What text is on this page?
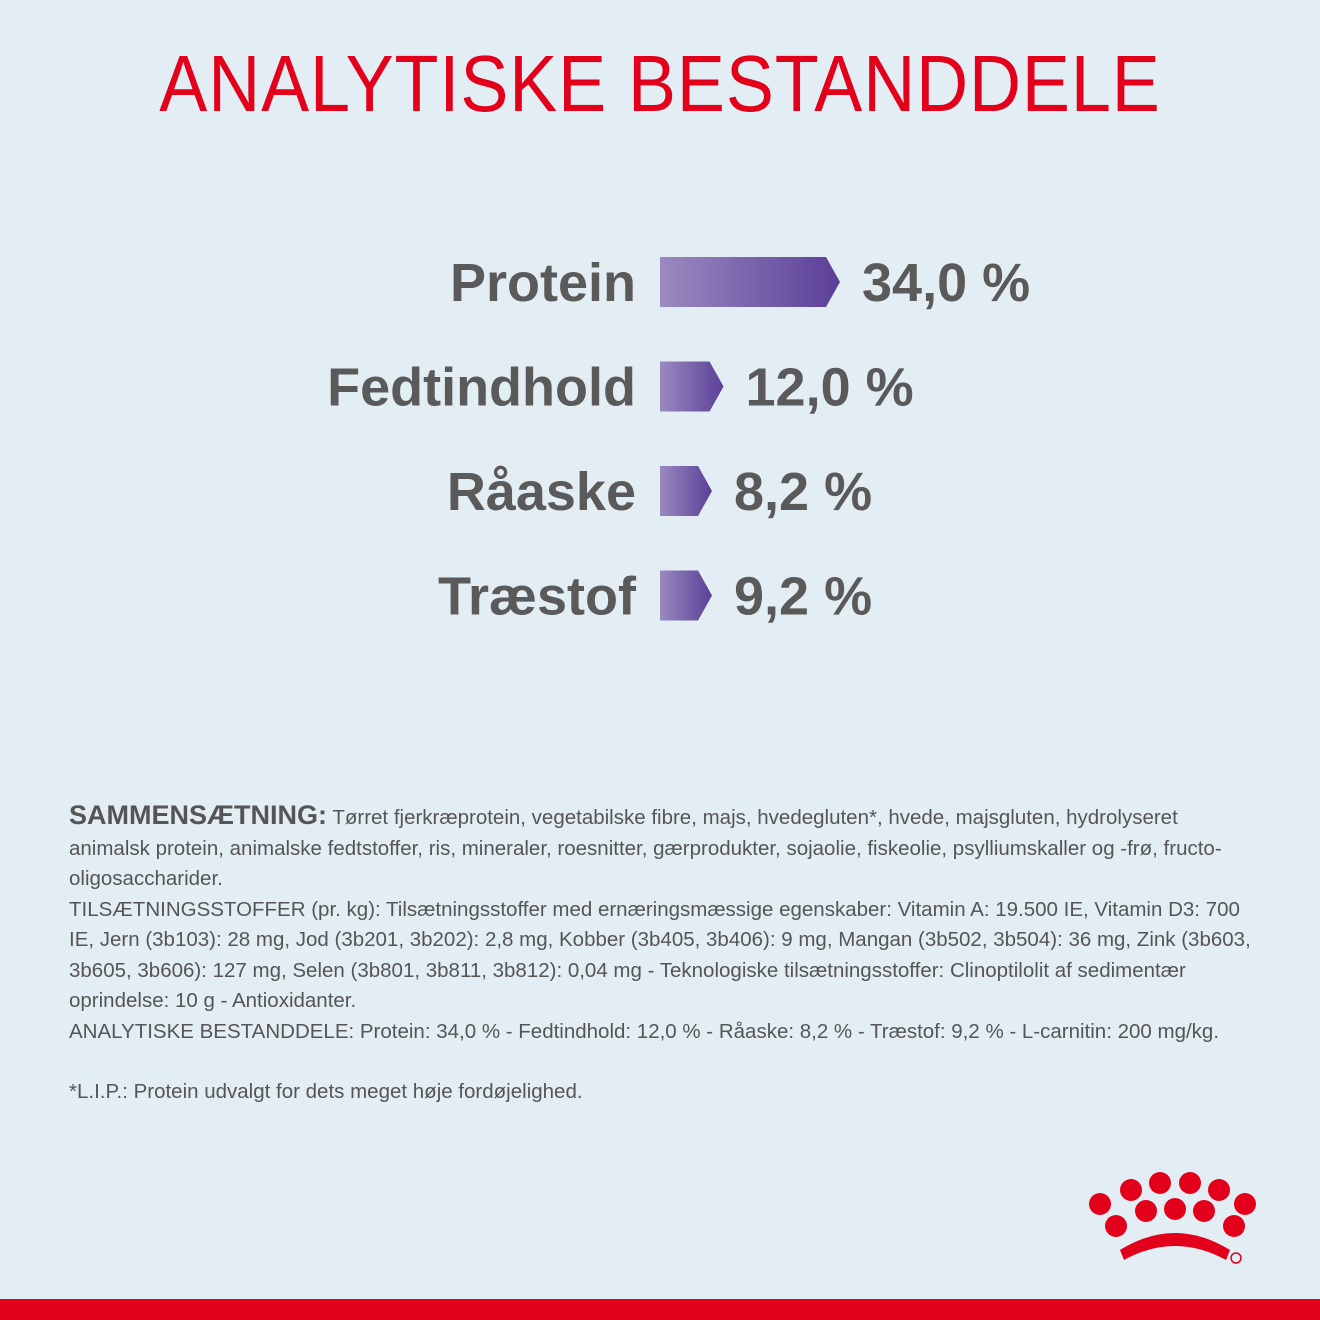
ANALYTISKE BESTANDDELE
Protein	34,0 %
Fedtindhold 12,0 %
Råaske 8,2 %
Træstof 9,2 %

SAMMENSÆTNING: Tørret fjerkræprotein, vegetabilske fibre, majs, hvedegluten*, hvede, majsgluten, hydrolyseret animalsk protein, animalske fedtstoffer, ris, mineraler, roesnitter, gærprodukter, sojaolie, fiskeolie, psylliumskaller og -frø, fructo-oligosaccharider.

TILSÆTNINGSSTOFFER (pr. kg): Tilsætningsstoffer med ernæringsmæssige egenskaber: Vitamin A: 19.500 IE, Vitamin D3: 700 IE, Jern (3b103): 28 mg, Jod (3b201, 3b202): 2,8 mg, Kobber (3b405, 3b406): 9 mg, Mangan (3b502, 3b504): 36 mg, Zink (3b603, 3b605, 3b606): 127 mg, Selen (3b801, 3b811, 3b812): 0,04 mg - Teknologiske tilsætningsstoffer: Clinoptilolit af sedimentær oprindelse: 10 g - Antioxidanter.

ANALYTISKE BESTANDDELE: Protein: 34,0 % - Fedtindhold: 12,0 % - Råaske: 8,2 % - Træstof: 9,2 % - L-carnitin: 200 mg/kg.

*L.I.P.: Protein udvalgt for dets meget høje fordøjelighed.
